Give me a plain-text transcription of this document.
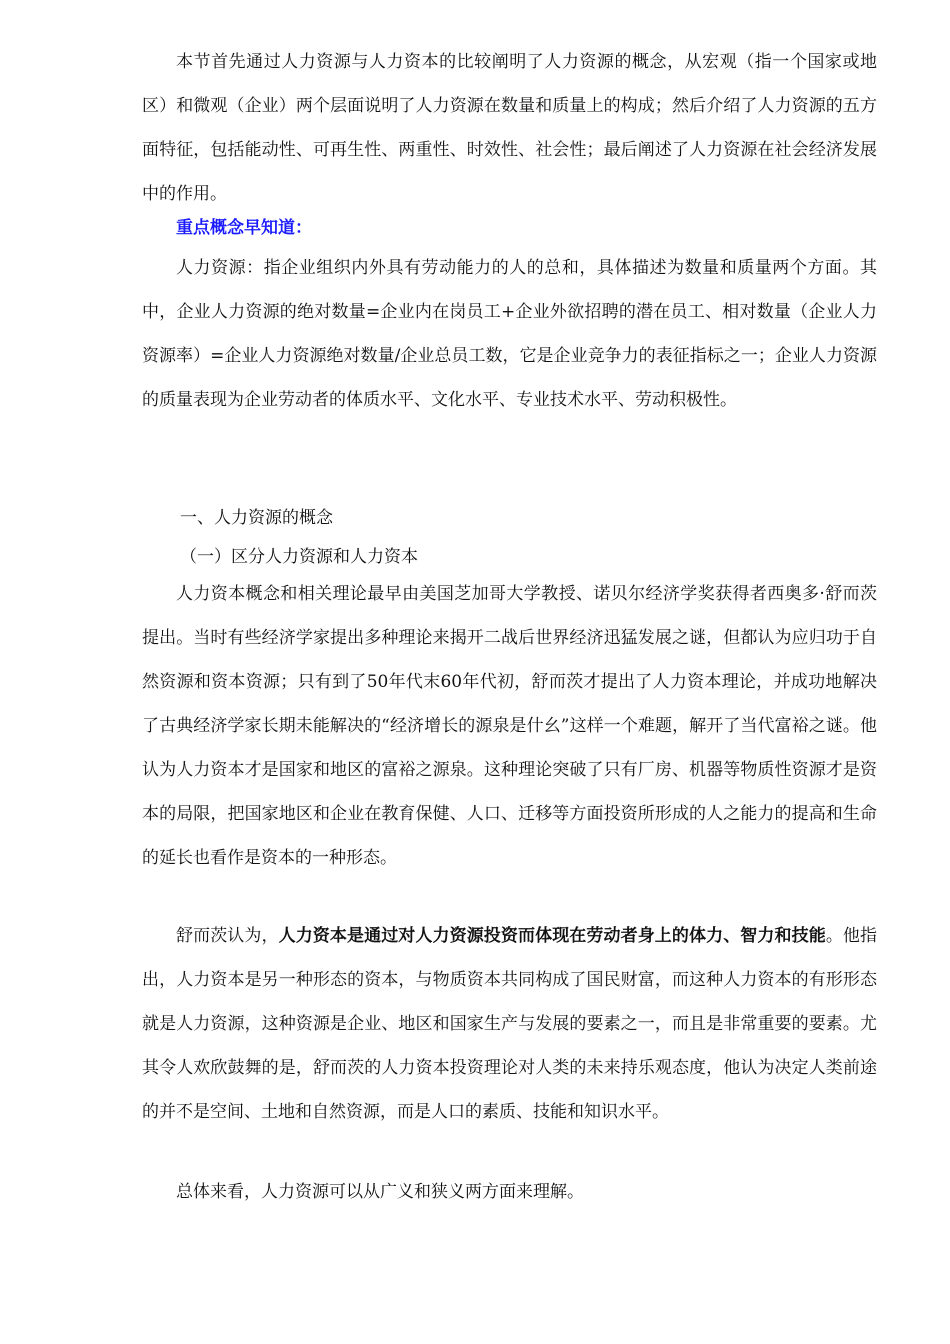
本节首先通过人力资源与人力资本的比较阐明了人力资源的概念，从宏观（指一个国家或地区）和微观（企业）两个层面说明了人力资源在数量和质量上的构成；然后介绍了人力资源的五方面特征，包括能动性、可再生性、两重性、时效性、社会性；最后阐述了人力资源在社会经济发展中的作用。

重点概念早知道：

人力资源：指企业组织内外具有劳动能力的人的总和，具体描述为数量和质量两个方面。其中，企业人力资源的绝对数量=企业内在岗员工+企业外欲招聘的潜在员工、相对数量（企业人力资源率）=企业人力资源绝对数量/企业总员工数，它是企业竞争力的表征指标之一；企业人力资源的质量表现为企业劳动者的体质水平、文化水平、专业技术水平、劳动积极性。

一、人力资源的概念

（一）区分人力资源和人力资本

人力资本概念和相关理论最早由美国芝加哥大学教授、诺贝尔经济学奖获得者西奥多·舒而茨提出。当时有些经济学家提出多种理论来揭开二战后世界经济迅猛发展之谜，但都认为应归功于自然资源和资本资源；只有到了50年代末60年代初，舒而茨才提出了人力资本理论，并成功地解决了古典经济学家长期未能解决的“经济增长的源泉是什幺”这样一个难题，解开了当代富裕之谜。他认为人力资本才是国家和地区的富裕之源泉。这种理论突破了只有厂房、机器等物质性资源才是资本的局限，把国家地区和企业在教育保健、人口、迁移等方面投资所形成的人之能力的提高和生命的延长也看作是资本的一种形态。

舒而茨认为，人力资本是通过对人力资源投资而体现在劳动者身上的体力、智力和技能。他指出，人力资本是另一种形态的资本，与物质资本共同构成了国民财富，而这种人力资本的有形形态就是人力资源，这种资源是企业、地区和国家生产与发展的要素之一，而且是非常重要的要素。尤其令人欢欣鼓舞的是，舒而茨的人力资本投资理论对人类的未来持乐观态度，他认为决定人类前途的并不是空间、土地和自然资源，而是人口的素质、技能和知识水平。

总体来看，人力资源可以从广义和狭义两方面来理解。
